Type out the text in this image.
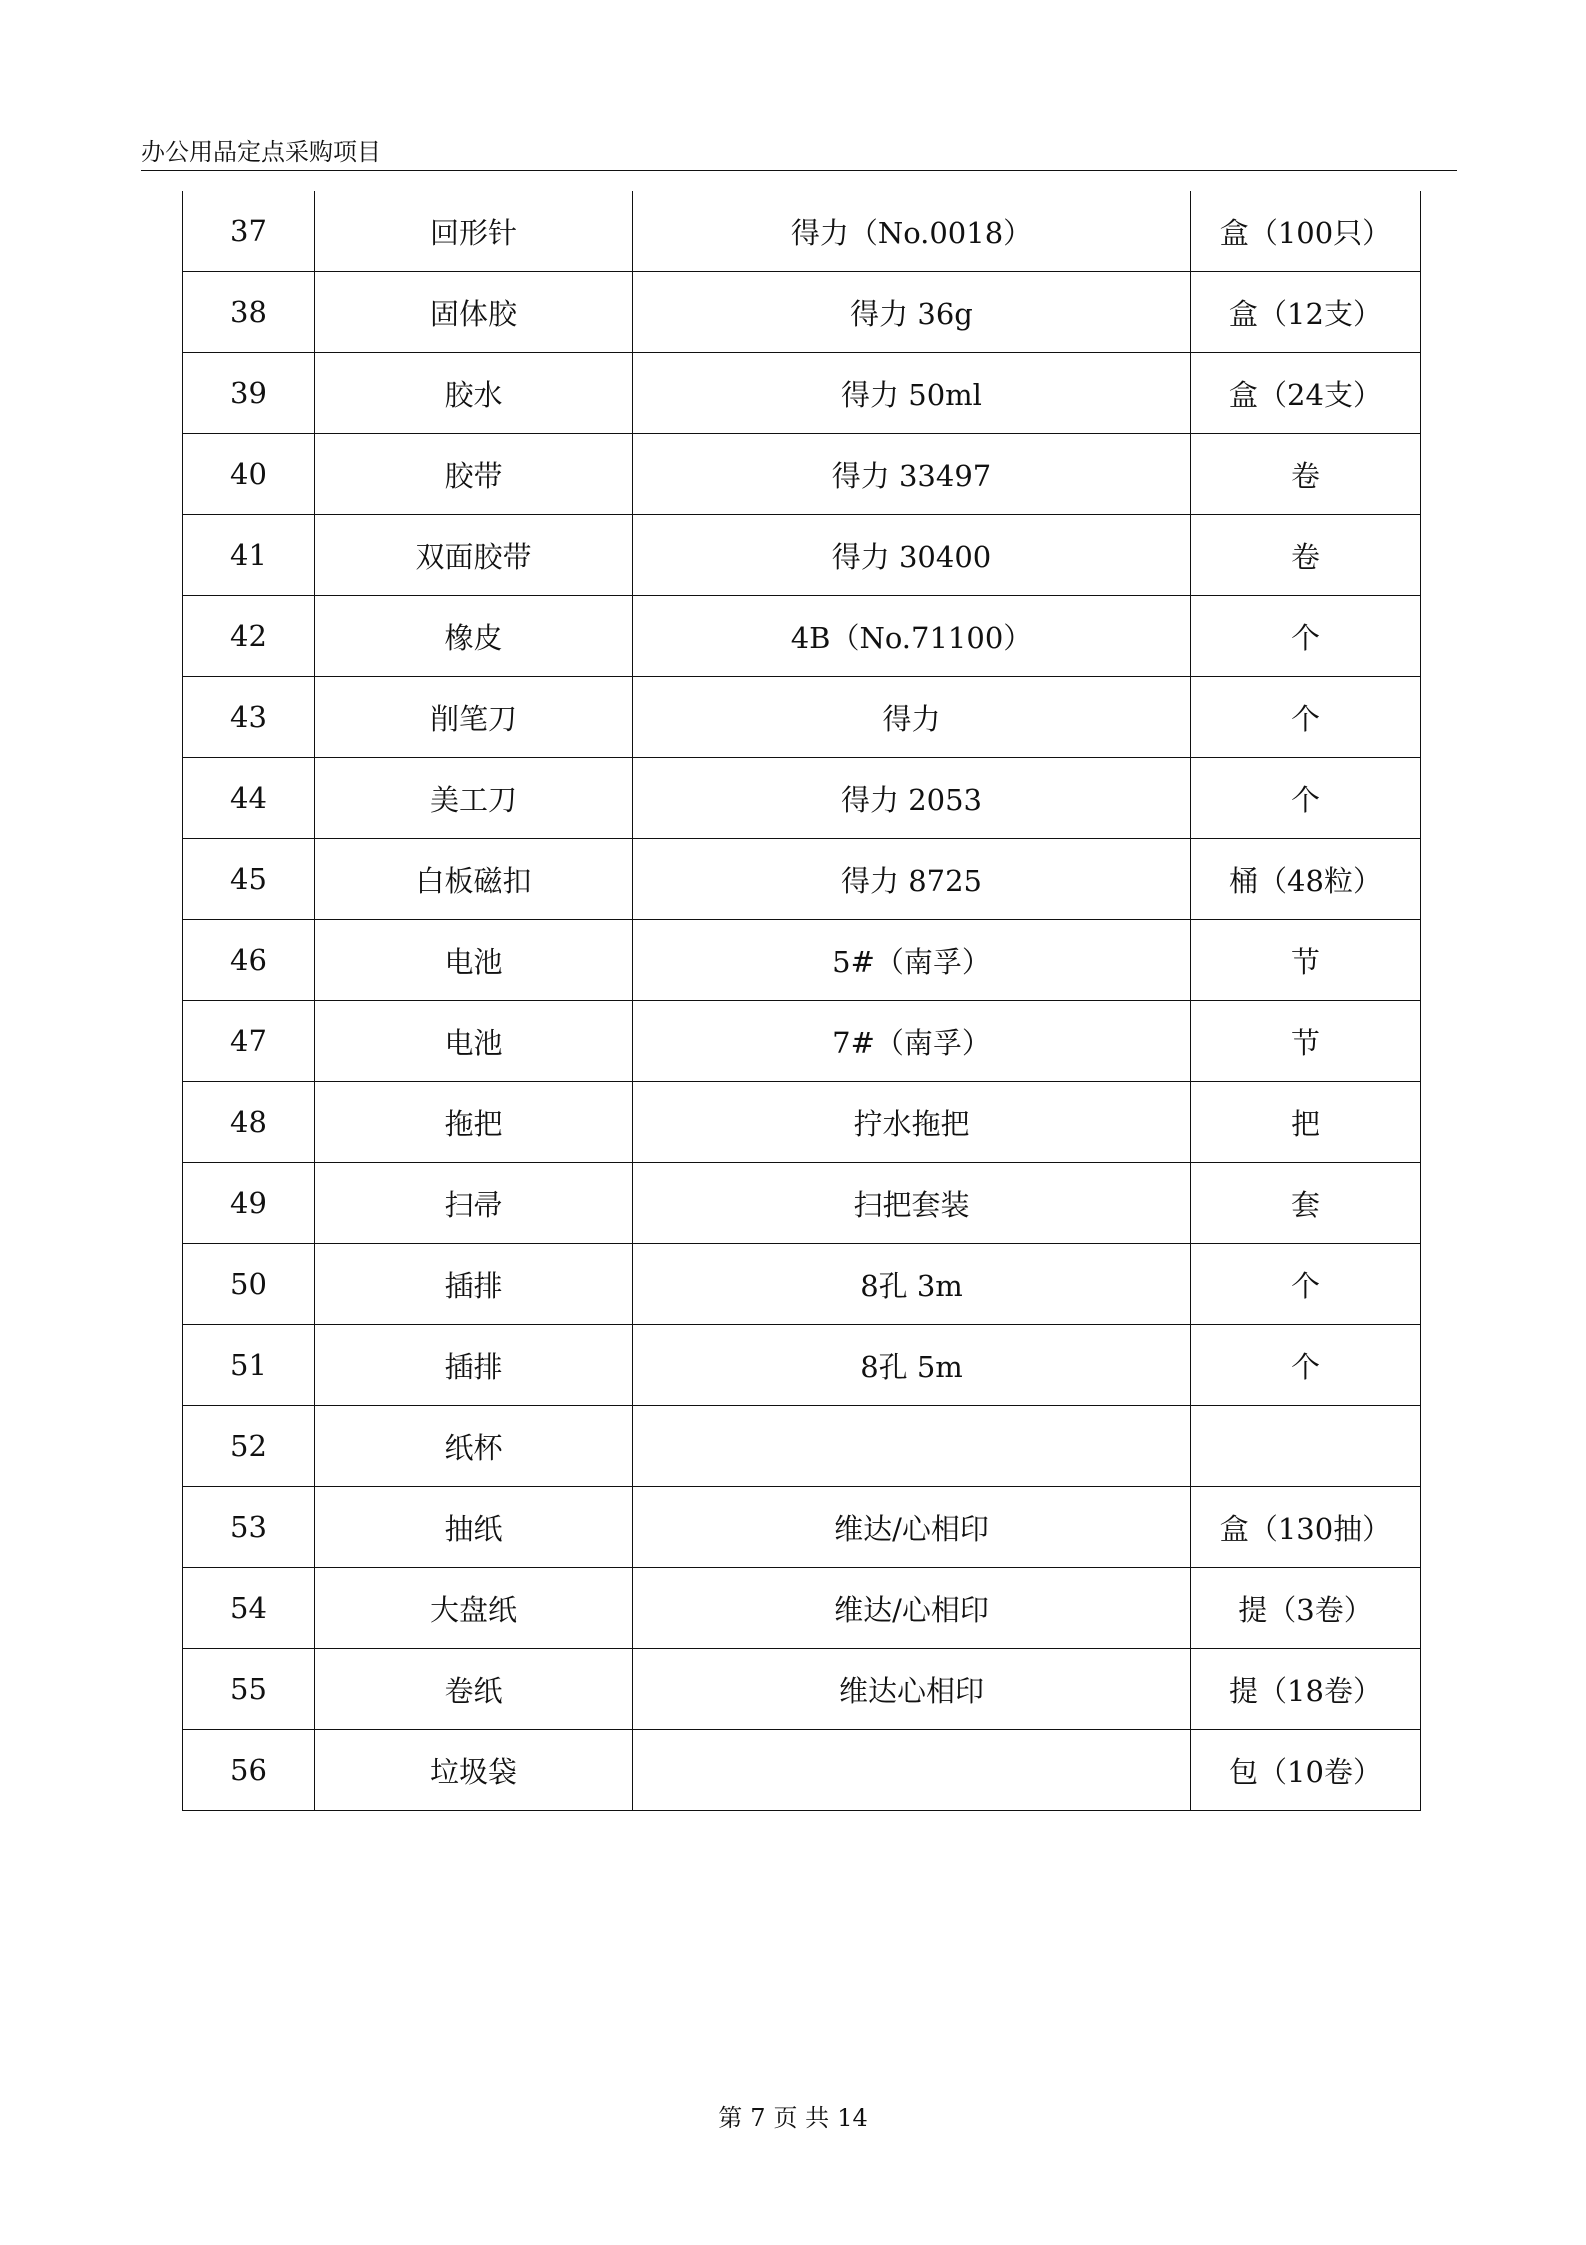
办公用品定点采购项目
37	回形针	得力（No.0018）	盒（100只）
38	固体胶	得力 36g	盒（12支）
39	胶水	得力 50ml	盒（24支）
40	胶带	得力 33497	卷
41	双面胶带	得力 30400	卷
42	橡皮	4B（No.71100）	个
43	削笔刀	得力	个
44	美工刀	得力 2053	个
45	白板磁扣	得力 8725	桶（48粒）
46	电池	5#（南孚）	节
47	电池	7#（南孚）	节
48	拖把	拧水拖把	把
49	扫帚	扫把套装	套
50	插排	8孔 3m	个
51	插排	8孔 5m	个
52	纸杯		
53	抽纸	维达/心相印	盒（130抽）
54	大盘纸	维达/心相印	提（3卷）
55	卷纸	维达心相印	提（18卷）
56	垃圾袋		包（10卷）
第 7 页 共 14
